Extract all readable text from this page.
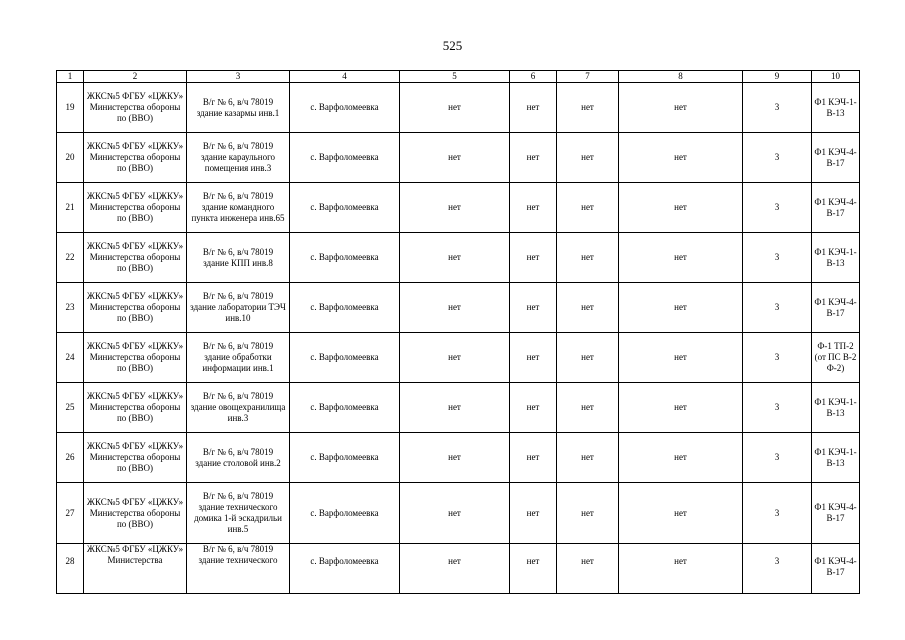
525
1	2	3	4	5	6	7	8	9	10
19	ЖКС№5 ФГБУ «ЦЖКУ» Министерства обороны по (ВВО)	В/г № 6, в/ч 78019 здание казармы инв.1	с. Варфоломеевка	нет	нет	нет	нет	3	Ф1 КЭЧ-1-В-13
20	ЖКС№5 ФГБУ «ЦЖКУ» Министерства обороны по (ВВО)	В/г № 6, в/ч 78019 здание караульного помещения инв.3	с. Варфоломеевка	нет	нет	нет	нет	3	Ф1 КЭЧ-4-В-17
21	ЖКС№5 ФГБУ «ЦЖКУ» Министерства обороны по (ВВО)	В/г № 6, в/ч 78019 здание командного пункта инженера инв.65	с. Варфоломеевка	нет	нет	нет	нет	3	Ф1 КЭЧ-4-В-17
22	ЖКС№5 ФГБУ «ЦЖКУ» Министерства обороны по (ВВО)	В/г № 6, в/ч 78019 здание КПП инв.8	с. Варфоломеевка	нет	нет	нет	нет	3	Ф1 КЭЧ-1-В-13
23	ЖКС№5 ФГБУ «ЦЖКУ» Министерства обороны по (ВВО)	В/г № 6, в/ч 78019 здание лаборатории ТЭЧ инв.10	с. Варфоломеевка	нет	нет	нет	нет	3	Ф1 КЭЧ-4-В-17
24	ЖКС№5 ФГБУ «ЦЖКУ» Министерства обороны по (ВВО)	В/г № 6, в/ч 78019 здание обработки информации инв.1	с. Варфоломеевка	нет	нет	нет	нет	3	Ф-1 ТП-2 (от ПС В-2 Ф-2)
25	ЖКС№5 ФГБУ «ЦЖКУ» Министерства обороны по (ВВО)	В/г № 6, в/ч 78019 здание овощехранилища инв.3	с. Варфоломеевка	нет	нет	нет	нет	3	Ф1 КЭЧ-1-В-13
26	ЖКС№5 ФГБУ «ЦЖКУ» Министерства обороны по (ВВО)	В/г № 6, в/ч 78019 здание столовой инв.2	с. Варфоломеевка	нет	нет	нет	нет	3	Ф1 КЭЧ-1-В-13
27	ЖКС№5 ФГБУ «ЦЖКУ» Министерства обороны по (ВВО)	В/г № 6, в/ч 78019 здание технического домика 1-й эскадрильи инв.5	с. Варфоломеевка	нет	нет	нет	нет	3	Ф1 КЭЧ-4-В-17
28	ЖКС№5 ФГБУ «ЦЖКУ» Министерства	В/г № 6, в/ч 78019 здание технического	с. Варфоломеевка	нет	нет	нет	нет	3	Ф1 КЭЧ-4-В-17
